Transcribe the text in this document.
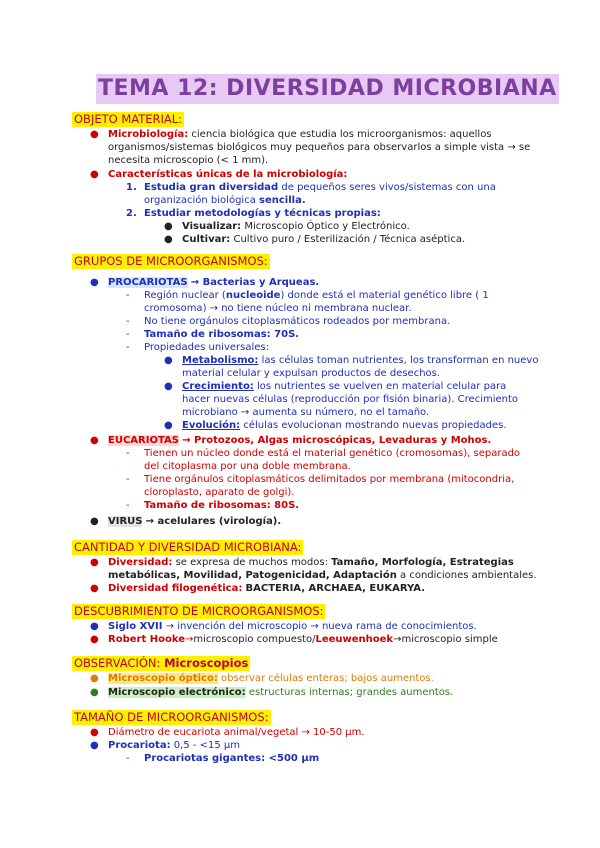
TEMA 12: DIVERSIDAD MICROBIANA
OBJETO MATERIAL:
● Microbiología: ciencia biológica que estudia los microorganismos: aquellos
organismos/sistemas biológicos muy pequeños para observarlos a simple vista → se
necesita microscopio (< 1 mm).
● Características únicas de la microbiología:
1. Estudia gran diversidad de pequeños seres vivos/sistemas con una
organización biológica sencilla.
2. Estudiar metodologías y técnicas propias:
● Visualizar: Microscopio Óptico y Electrónico.
● Cultivar: Cultivo puro / Esterilización / Técnica aséptica.
GRUPOS DE MICROORGANISMOS:
● PROCARIOTAS → Bacterias y Arqueas.
- Región nuclear (nucleoide) donde está el material genético libre ( 1
cromosoma) → no tiene núcleo ni membrana nuclear.
- No tiene orgánulos citoplasmáticos rodeados por membrana.
- Tamaño de ribosomas: 70S.
- Propiedades universales:
● Metabolismo: las células toman nutrientes, los transforman en nuevo
material celular y expulsan productos de desechos.
● Crecimiento: los nutrientes se vuelven en material celular para
hacer nuevas células (reproducción por fisión binaria). Crecimiento
microbiano → aumenta su número, no el tamaño.
● Evolución: células evolucionan mostrando nuevas propiedades.
● EUCARIOTAS → Protozoos, Algas microscópicas, Levaduras y Mohos.
- Tienen un núcleo donde está el material genético (cromosomas), separado
del citoplasma por una doble membrana.
- Tiene orgánulos citoplasmáticos delimitados por membrana (mitocondria,
cloroplasto, aparato de golgi).
- Tamaño de ribosomas: 80S.
● VIRUS → acelulares (virología).
CANTIDAD Y DIVERSIDAD MICROBIANA:
● Diversidad: se expresa de muchos modos: Tamaño, Morfología, Estrategias
metabólicas, Movilidad, Patogenicidad, Adaptación a condiciones ambientales.
● Diversidad filogenética: BACTERIA, ARCHAEA, EUKARYA.
DESCUBRIMIENTO DE MICROORGANISMOS:
● Siglo XVII → invención del microscopio → nueva rama de conocimientos.
● Robert Hooke→microscopio compuesto/Leeuwenhoek→microscopio simple
OBSERVACIÓN: Microscopios
● Microscopio óptico: observar células enteras; bajos aumentos.
● Microscopio electrónico: estructuras internas; grandes aumentos.
TAMAÑO DE MICROORGANISMOS:
● Diámetro de eucariota animal/vegetal → 10-50 µm.
● Procariota: 0,5 - <15 µm
- Procariotas gigantes: <500 µm
